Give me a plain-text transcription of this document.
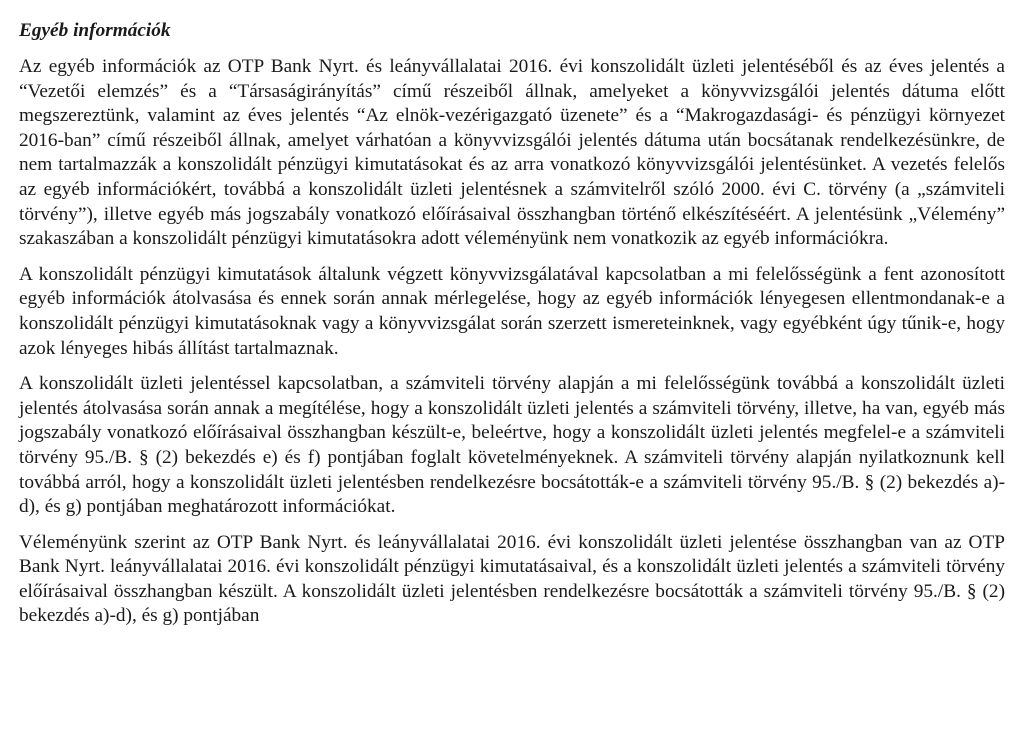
Egyéb információk

Az egyéb információk az OTP Bank Nyrt. és leányvállalatai 2016. évi konszolidált üzleti jelentéséből és az éves jelentés a “Vezetői elemzés” és a “Társaságirányítás” című részeiből állnak, amelyeket a könyvvizsgálói jelentés dátuma előtt megszereztünk, valamint az éves jelentés “Az elnök-vezérigazgató üzenete” és a “Makrogazdasági- és pénzügyi környezet 2016-ban” című részeiből állnak, amelyet várhatóan a könyvvizsgálói jelentés dátuma után bocsátanak rendelkezésünkre, de nem tartalmazzák a konszolidált pénzügyi kimutatásokat és az arra vonatkozó könyvvizsgálói jelentésünket. A vezetés felelős az egyéb információkért, továbbá a konszolidált üzleti jelentésnek a számvitelről szóló 2000. évi C. törvény (a „számviteli törvény”), illetve egyéb más jogszabály vonatkozó előírásaival összhangban történő elkészítéséért. A jelentésünk „Vélemény” szakaszában a konszolidált pénzügyi kimutatásokra adott véleményünk nem vonatkozik az egyéb információkra.

A konszolidált pénzügyi kimutatások általunk végzett könyvvizsgálatával kapcsolatban a mi felelősségünk a fent azonosított egyéb információk átolvasása és ennek során annak mérlegelése, hogy az egyéb információk lényegesen ellentmondanak-e a konszolidált pénzügyi kimutatásoknak vagy a könyvvizsgálat során szerzett ismereteinknek, vagy egyébként úgy tűnik-e, hogy azok lényeges hibás állítást tartalmaznak.

A konszolidált üzleti jelentéssel kapcsolatban, a számviteli törvény alapján a mi felelősségünk továbbá a konszolidált üzleti jelentés átolvasása során annak a megítélése, hogy a konszolidált üzleti jelentés a számviteli törvény, illetve, ha van, egyéb más jogszabály vonatkozó előírásaival összhangban készült-e, beleértve, hogy a konszolidált üzleti jelentés megfelel-e a számviteli törvény 95./B. § (2) bekezdés e) és f) pontjában foglalt követelményeknek. A számviteli törvény alapján nyilatkoznunk kell továbbá arról, hogy a konszolidált üzleti jelentésben rendelkezésre bocsátották-e a számviteli törvény 95./B. § (2) bekezdés a)-d), és g) pontjában meghatározott információkat.

Véleményünk szerint az OTP Bank Nyrt. és leányvállalatai 2016. évi konszolidált üzleti jelentése összhangban van az OTP Bank Nyrt. leányvállalatai 2016. évi konszolidált pénzügyi kimutatásaival, és a konszolidált üzleti jelentés a számviteli törvény előírásaival összhangban készült. A konszolidált üzleti jelentésben rendelkezésre bocsátották a számviteli törvény 95./B. § (2) bekezdés a)-d), és g) pontjában
